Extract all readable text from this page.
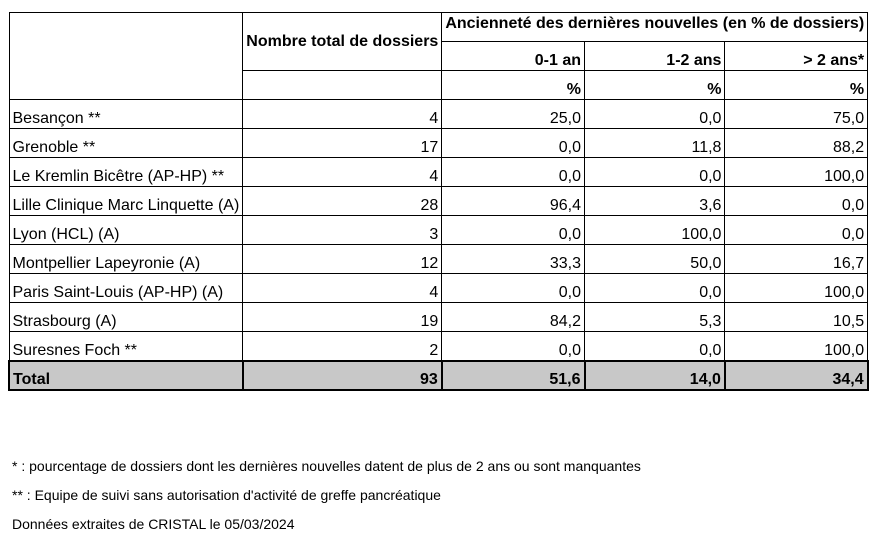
	Nombre total de dossiers	Ancienneté des dernières nouvelles (en % de dossiers)		
		0-1 an	1-2 ans	> 2 ans*
		%	%	%
Besançon **	4	25,0	0,0	75,0
Grenoble **	17	0,0	11,8	88,2
Le Kremlin Bicêtre (AP-HP) **	4	0,0	0,0	100,0
Lille Clinique Marc Linquette (A)	28	96,4	3,6	0,0
Lyon (HCL) (A)	3	0,0	100,0	0,0
Montpellier Lapeyronie (A)	12	33,3	50,0	16,7
Paris Saint-Louis (AP-HP) (A)	4	0,0	0,0	100,0
Strasbourg (A)	19	84,2	5,3	10,5
Suresnes Foch **	2	0,0	0,0	100,0
Total	93	51,6	14,0	34,4
* : pourcentage de dossiers dont les dernières nouvelles datent de plus de 2 ans ou sont manquantes
** : Equipe de suivi sans autorisation d'activité de greffe pancréatique
Données extraites de CRISTAL le 05/03/2024
